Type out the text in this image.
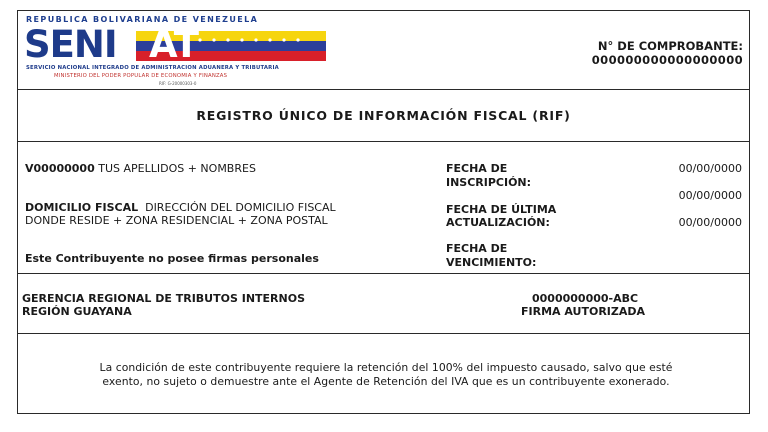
REPUBLICA BOLIVARIANA DE VENEZUELA
SENI AT
SERVICIO NACIONAL INTEGRADO DE ADMINISTRACION ADUANERA Y TRIBUTARIA
MINISTERIO DEL PODER POPULAR DE ECONOMIA Y FINANZAS
RIF: G-20000303-0
N° DE COMPROBANTE:
000000000000000000
REGISTRO ÚNICO DE INFORMACIÓN FISCAL (RIF)
V00000000 TUS APELLIDOS + NOMBRES
DOMICILIO FISCAL DIRECCIÓN DEL DOMICILIO FISCAL
DONDE RESIDE + ZONA RESIDENCIAL + ZONA POSTAL
Este Contribuyente no posee firmas personales
FECHA DE
INSCRIPCIÓN:
00/00/0000
00/00/0000
FECHA DE ÚLTIMA
ACTUALIZACIÓN:	00/00/0000
FECHA DE
VENCIMIENTO:
GERENCIA REGIONAL DE TRIBUTOS INTERNOS
REGIÓN GUAYANA
0000000000-ABC
FIRMA AUTORIZADA
La condición de este contribuyente requiere la retención del 100% del impuesto causado, salvo que esté
exento, no sujeto o demuestre ante el Agente de Retención del IVA que es un contribuyente exonerado.
